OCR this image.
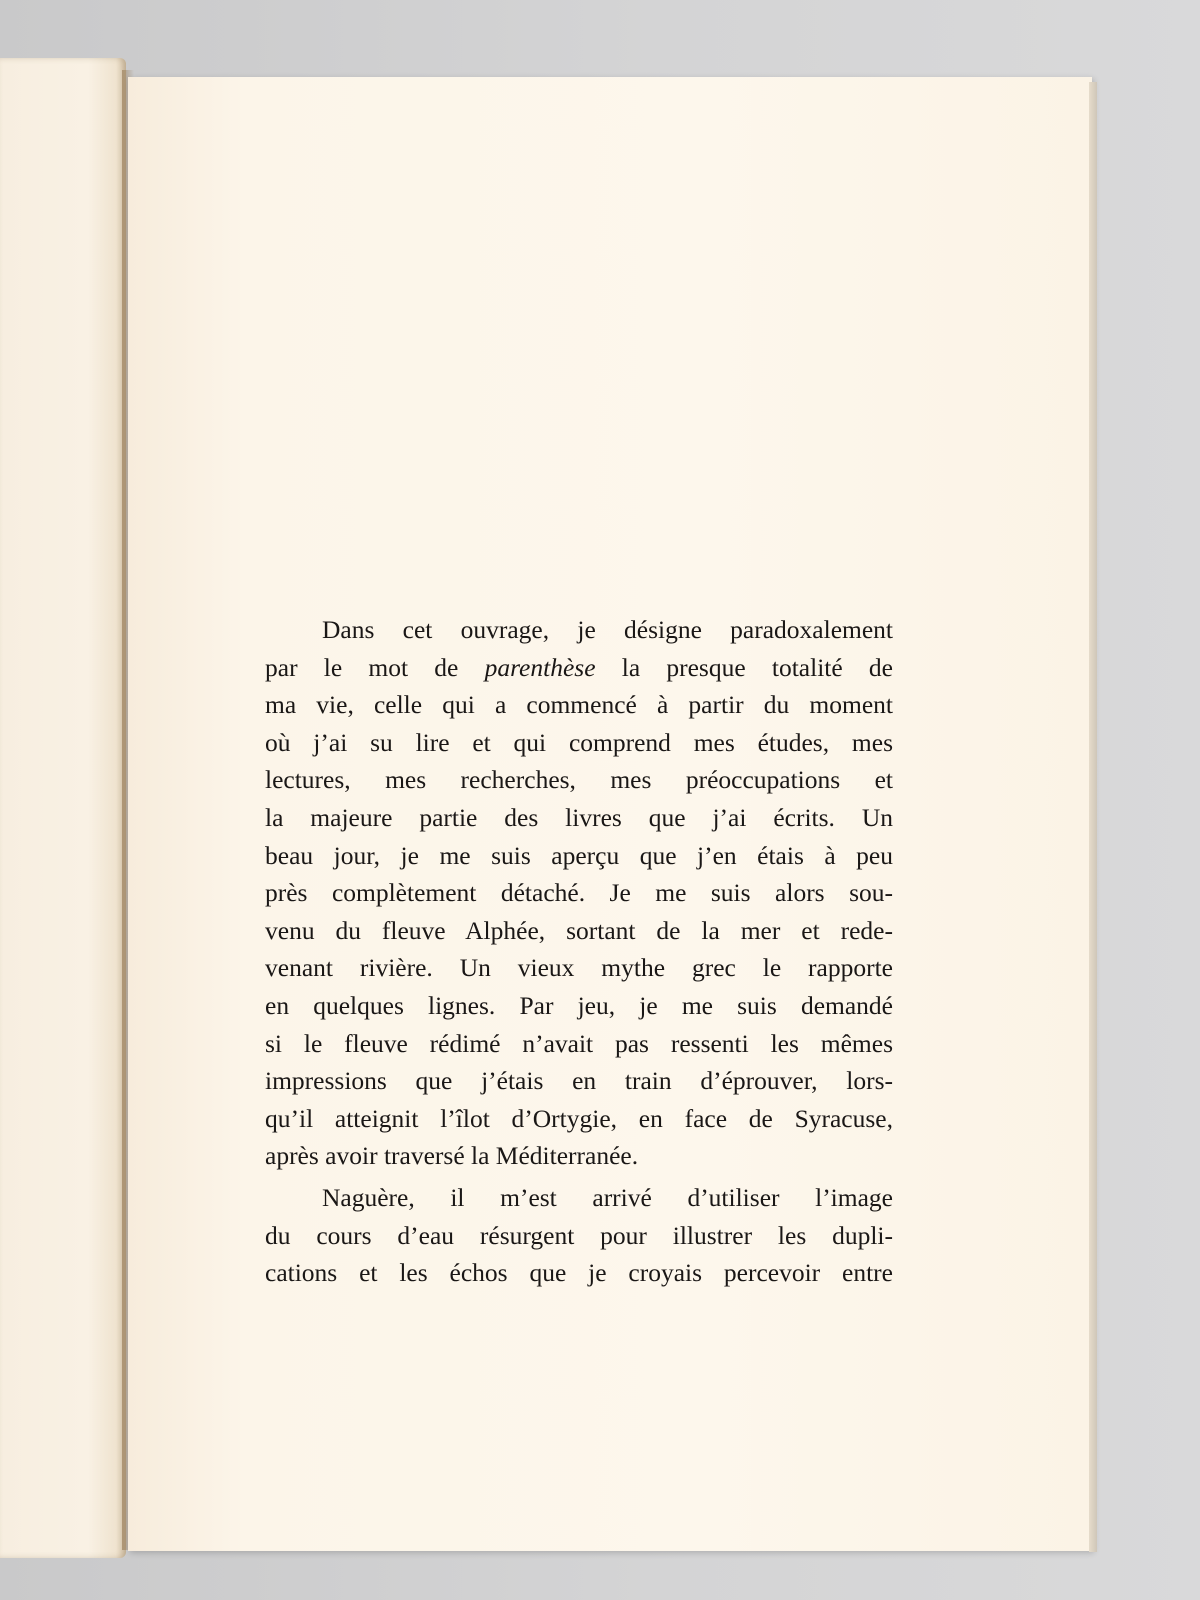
Dans cet ouvrage, je désigne paradoxalement
par le mot de parenthèse la presque totalité de
ma vie, celle qui a commencé à partir du moment
où j’ai su lire et qui comprend mes études, mes
lectures, mes recherches, mes préoccupations et
la majeure partie des livres que j’ai écrits. Un
beau jour, je me suis aperçu que j’en étais à peu
près complètement détaché. Je me suis alors sou-
venu du fleuve Alphée, sortant de la mer et rede-
venant rivière. Un vieux mythe grec le rapporte
en quelques lignes. Par jeu, je me suis demandé
si le fleuve rédimé n’avait pas ressenti les mêmes
impressions que j’étais en train d’éprouver, lors-
qu’il atteignit l’îlot d’Ortygie, en face de Syracuse,
après avoir traversé la Méditerranée.
Naguère, il m’est arrivé d’utiliser l’image
du cours d’eau résurgent pour illustrer les dupli-
cations et les échos que je croyais percevoir entre
